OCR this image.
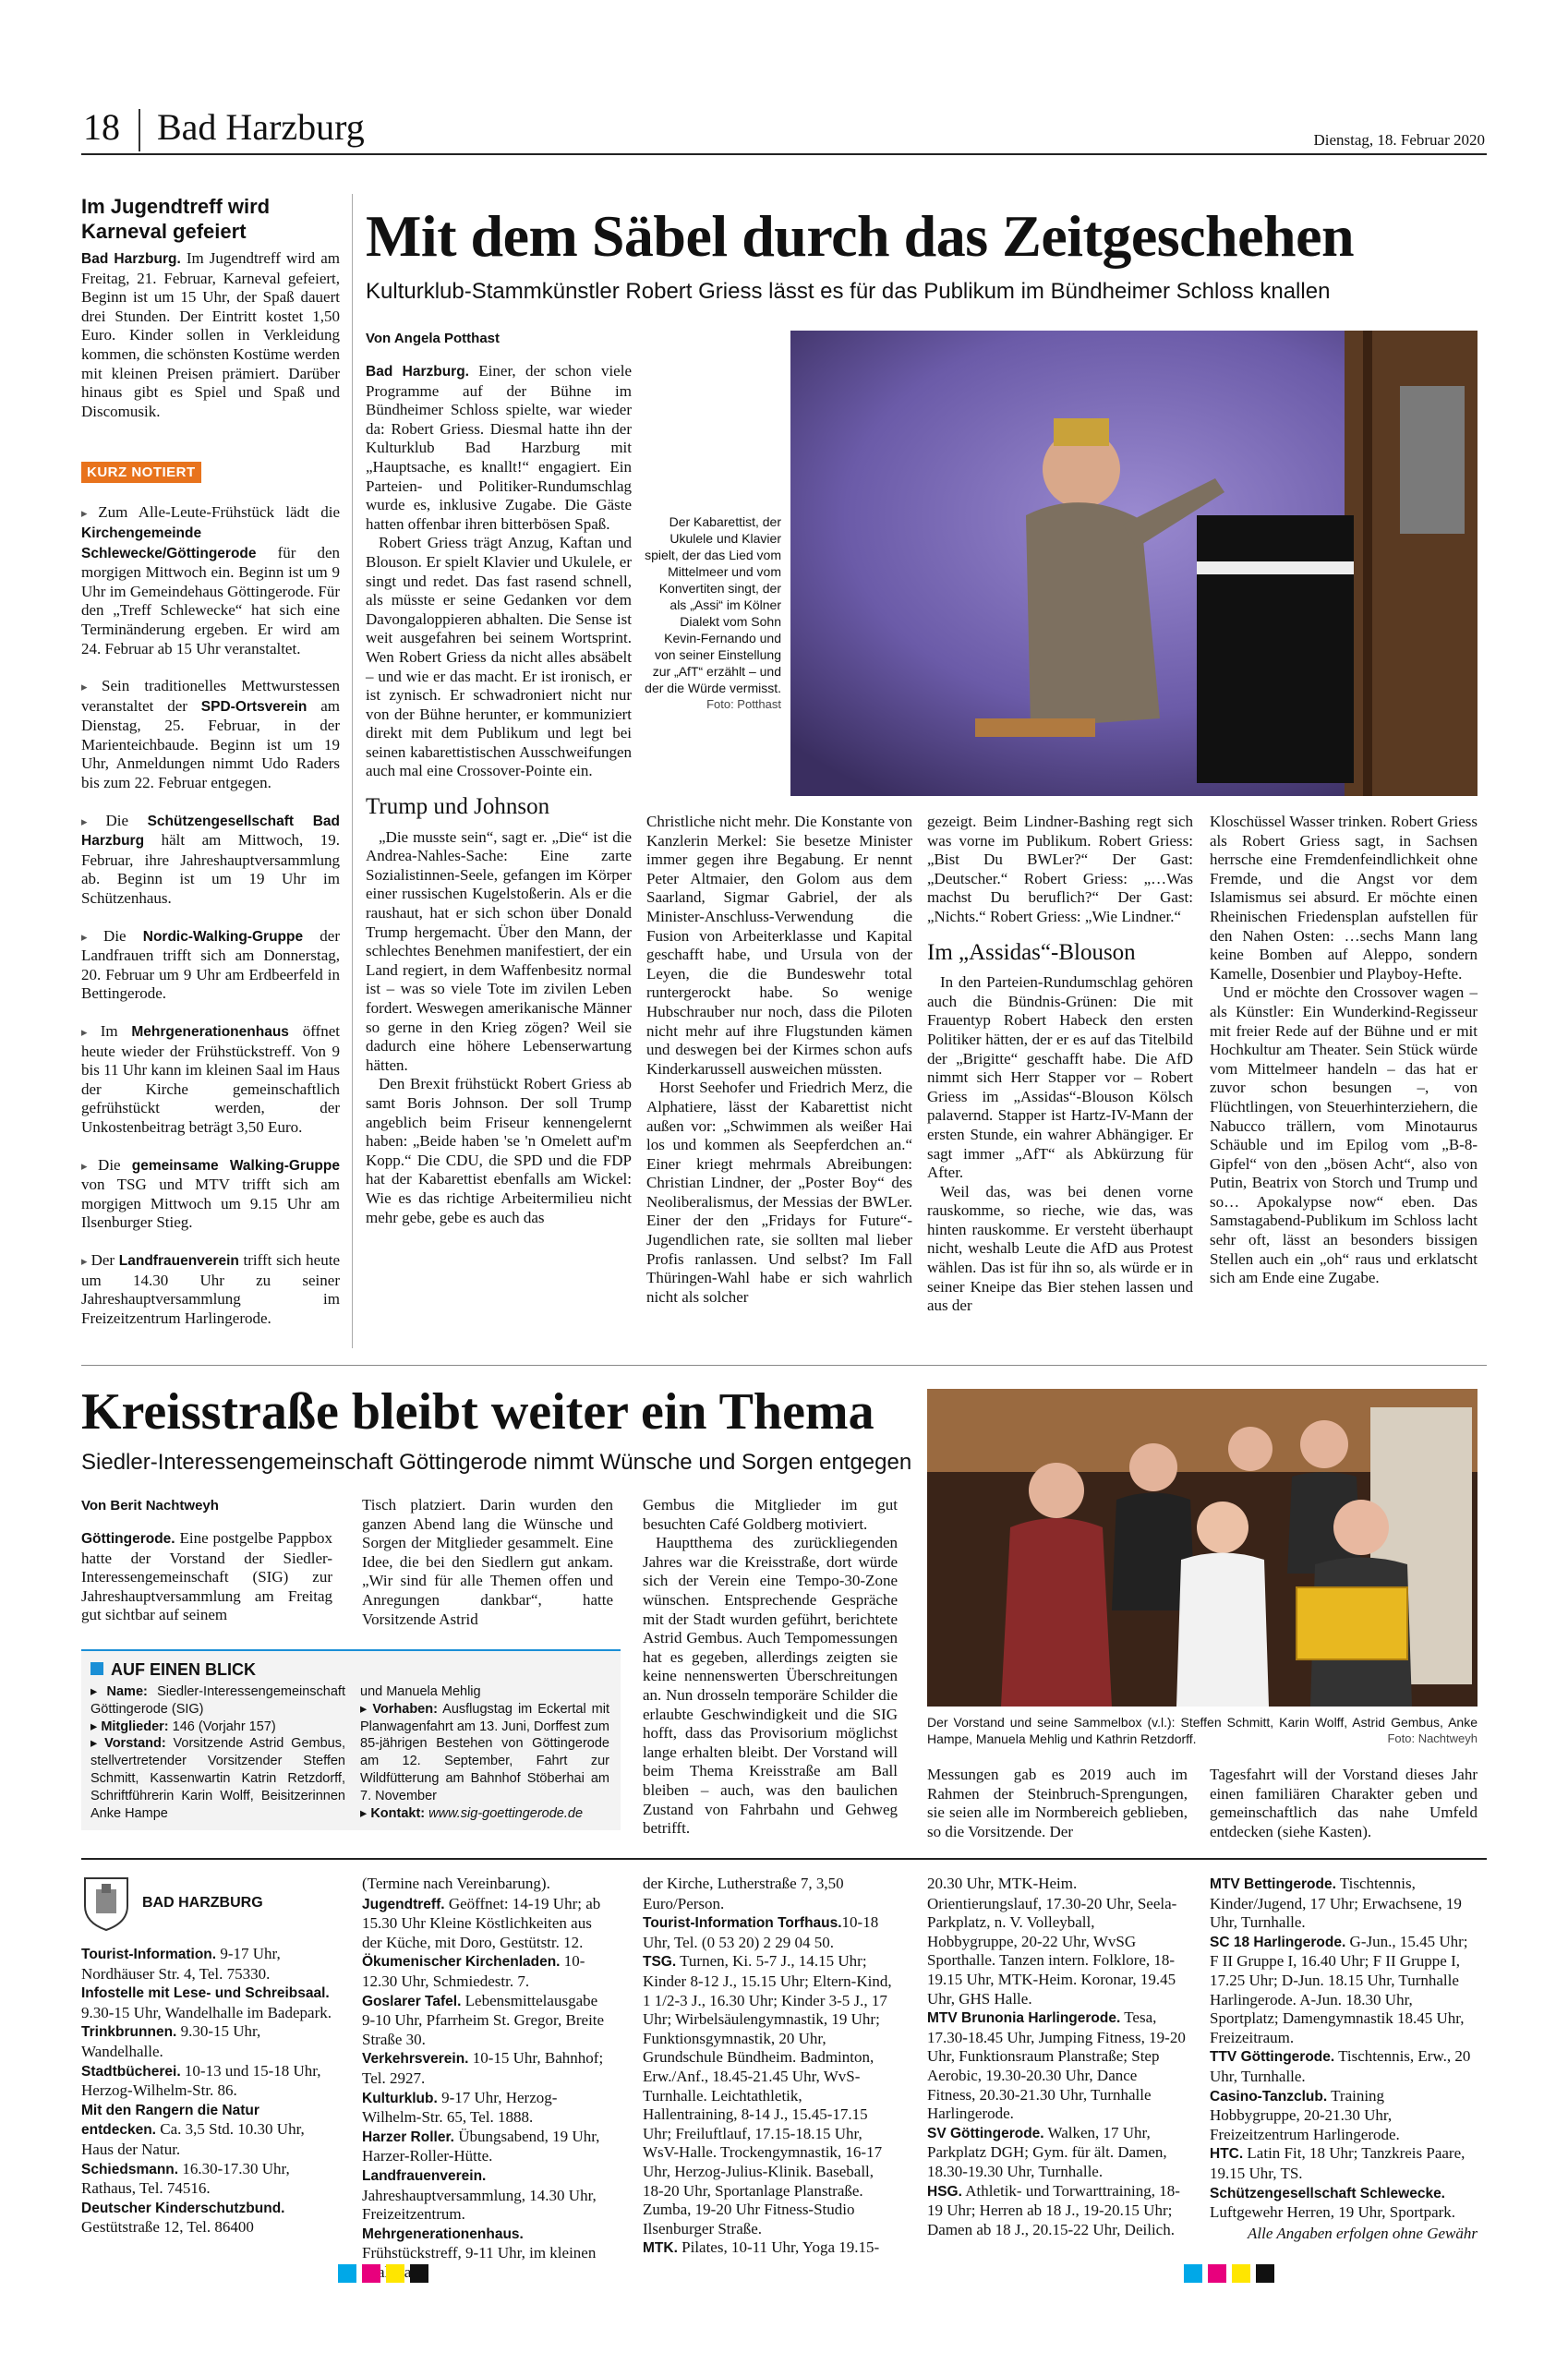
18 Bad Harzburg	Dienstag, 18. Februar 2020
Im Jugendtreff wird Karneval gefeiert

Bad Harzburg. Im Jugendtreff wird am Freitag, 21. Februar, Karneval gefeiert, Beginn ist um 15 Uhr, der Spaß dauert drei Stunden. Der Eintritt kostet 1,50 Euro. Kinder sollen in Verkleidung kommen, die schönsten Kostüme werden mit kleinen Preisen prämiert. Darüber hinaus gibt es Spiel und Spaß und Discomusik.

KURZ NOTIERT
▸ Zum Alle-Leute-Frühstück lädt die Kirchengemeinde Schlewecke/Göttingerode für den morgigen Mittwoch ein. Beginn ist um 9 Uhr im Gemeindehaus Göttingerode. Für den „Treff Schlewecke“ hat sich eine Terminänderung ergeben. Er wird am 24. Februar ab 15 Uhr veranstaltet.
▸ Sein traditionelles Mettwurstessen veranstaltet der SPD-Ortsverein am Dienstag, 25. Februar, in der Marienteichbaude. Beginn ist um 19 Uhr, Anmeldungen nimmt Udo Raders bis zum 22. Februar entgegen.
▸ Die Schützengesellschaft Bad Harzburg hält am Mittwoch, 19. Februar, ihre Jahreshauptversammlung ab. Beginn ist um 19 Uhr im Schützenhaus.
▸ Die Nordic-Walking-Gruppe der Landfrauen trifft sich am Donnerstag, 20. Februar um 9 Uhr am Erdbeerfeld in Bettingerode.
▸ Im Mehrgenerationenhaus öffnet heute wieder der Frühstückstreff. Von 9 bis 11 Uhr kann im kleinen Saal im Haus der Kirche gemeinschaftlich gefrühstückt werden, der Unkostenbeitrag beträgt 3,50 Euro.
▸ Die gemeinsame Walking-Gruppe von TSG und MTV trifft sich am morgigen Mittwoch um 9.15 Uhr am Ilsenburger Stieg.
▸ Der Landfrauenverein trifft sich heute um 14.30 Uhr zu seiner Jahreshauptversammlung im Freizeitzentrum Harlingerode.
Mit dem Säbel durch das Zeitgeschehen
Kulturklub-Stammkünstler Robert Griess lässt es für das Publikum im Bündheimer Schloss knallen
Von Angela Potthast
Der Kabarettist, der Ukulele und Klavier spielt, der das Lied vom Mittelmeer und vom Konvertiten singt, der als „Assi“ im Kölner Dialekt vom Sohn Kevin-Fernando und von seiner Einstellung zur „AfT“ erzählt – und der die Würde vermisst.
Foto: Potthast

Bad Harzburg. Einer, der schon viele Programme auf der Bühne im Bündheimer Schloss spielte, war wieder da: Robert Griess. Diesmal hatte ihn der Kulturklub Bad Harzburg mit „Hauptsache, es knallt!“ engagiert. Ein Parteien- und Politiker-Rundumschlag wurde es, inklusive Zugabe. Die Gäste hatten offenbar ihren bitterbösen Spaß.

Robert Griess trägt Anzug, Kaftan und Blouson. Er spielt Klavier und Ukulele, er singt und redet. Das fast rasend schnell, als müsste er seine Gedanken vor dem Davongaloppieren abhalten. Die Sense ist weit ausgefahren bei seinem Wortsprint. Wen Robert Griess da nicht alles absäbelt – und wie er das macht. Er ist ironisch, er ist zynisch. Er schwadroniert nicht nur von der Bühne herunter, er kommuniziert direkt mit dem Publikum und legt bei seinen kabarettistischen Ausschweifungen auch mal eine Crossover-Pointe ein.

Trump und Johnson

„Die musste sein“, sagt er. „Die“ ist die Andrea-Nahles-Sache: Eine zarte Sozialistinnen-Seele, gefangen im Körper einer russischen Kugelstoßerin. Als er die raushaut, hat er sich schon über Donald Trump hergemacht. Über den Mann, der schlechtes Benehmen manifestiert, der ein Land regiert, in dem Waffenbesitz normal ist – was so viele Tote im zivilen Leben fordert. Weswegen amerikanische Männer so gerne in den Krieg zögen? Weil sie dadurch eine höhere Lebenserwartung hätten.

Den Brexit frühstückt Robert Griess ab samt Boris Johnson. Der soll Trump angeblich beim Friseur kennengelernt haben: „Beide haben 'se 'n Omelett auf'm Kopp.“ Die CDU, die SPD und die FDP hat der Kabarettist ebenfalls am Wickel: Wie es das richtige Arbeitermilieu nicht mehr gebe, gebe es auch das

Christliche nicht mehr. Die Konstante von Kanzlerin Merkel: Sie besetze Minister immer gegen ihre Begabung. Er nennt Peter Altmaier, den Golom aus dem Saarland, Sigmar Gabriel, der als Minister-Anschluss-Verwendung die Fusion von Arbeiterklasse und Kapital geschafft habe, und Ursula von der Leyen, die die Bundeswehr total runtergerockt habe. So wenige Hubschrauber nur noch, dass die Piloten nicht mehr auf ihre Flugstunden kämen und deswegen bei der Kirmes schon aufs Kinderkarussell ausweichen müssten.

Horst Seehofer und Friedrich Merz, die Alphatiere, lässt der Kabarettist nicht außen vor: „Schwimmen als weißer Hai los und kommen als Seepferdchen an.“ Einer kriegt mehrmals Abreibungen: Christian Lindner, der „Poster Boy“ des Neoliberalismus, der Messias der BWLer. Einer der den „Fridays for Future“-Jugendlichen rate, sie sollten mal lieber Profis ranlassen. Und selbst? Im Fall Thüringen-Wahl habe er sich wahrlich nicht als solcher

gezeigt. Beim Lindner-Bashing regt sich was vorne im Publikum. Robert Griess: „Bist Du BWLer?“ Der Gast: „Deutscher.“ Robert Griess: „…Was machst Du beruflich?“ Der Gast: „Nichts.“ Robert Griess: „Wie Lindner.“

Im „Assidas“-Blouson

In den Parteien-Rundumschlag gehören auch die Bündnis-Grünen: Die mit Frauentyp Robert Habeck den ersten Politiker hätten, der er es auf das Titelbild der „Brigitte“ geschafft habe. Die AfD nimmt sich Herr Stapper vor – Robert Griess im „Assidas“-Blouson Kölsch palavernd. Stapper ist Hartz-IV-Mann der ersten Stunde, ein wahrer Abhängiger. Er sagt immer „AfT“ als Abkürzung für After.

Weil das, was bei denen vorne rauskomme, so rieche, wie das, was hinten rauskomme. Er versteht überhaupt nicht, weshalb Leute die AfD aus Protest wählen. Das ist für ihn so, als würde er in seiner Kneipe das Bier stehen lassen und aus der

Kloschüssel Wasser trinken. Robert Griess als Robert Griess sagt, in Sachsen herrsche eine Fremdenfeindlichkeit ohne Fremde, und die Angst vor dem Islamismus sei absurd. Er möchte einen Rheinischen Friedensplan aufstellen für den Nahen Osten: …sechs Mann lang keine Bomben auf Aleppo, sondern Kamelle, Dosenbier und Playboy-Hefte.

Und er möchte den Crossover wagen – als Künstler: Ein Wunderkind-Regisseur mit freier Rede auf der Bühne und er mit Hochkultur am Theater. Sein Stück würde vom Mittelmeer handeln – das hat er zuvor schon besungen –, von Flüchtlingen, von Steuerhinterziehern, die Nabucco trällern, vom Minotaurus Schäuble und im Epilog vom „B-8-Gipfel“ von den „bösen Acht“, also von Putin, Beatrix von Storch und Trump und so… Apokalypse now“ eben. Das Samstagabend-Publikum im Schloss lacht sehr oft, lässt an besonders bissigen Stellen auch ein „oh“ raus und erklatscht sich am Ende eine Zugabe.

Kreisstraße bleibt weiter ein Thema
Siedler-Interessengemeinschaft Göttingerode nimmt Wünsche und Sorgen entgegen
Von Berit Nachtweyh

Göttingerode. Eine postgelbe Pappbox hatte der Vorstand der Siedler-Interessengemeinschaft (SIG) zur Jahreshauptversammlung am Freitag gut sichtbar auf seinem

Tisch platziert. Darin wurden den ganzen Abend lang die Wünsche und Sorgen der Mitglieder gesammelt. Eine Idee, die bei den Siedlern gut ankam. „Wir sind für alle Themen offen und Anregungen dankbar“, hatte Vorsitzende Astrid

Gembus die Mitglieder im gut besuchten Café Goldberg motiviert.

Hauptthema des zurückliegenden Jahres war die Kreisstraße, dort würde sich der Verein eine Tempo-30-Zone wünschen. Entsprechende Gespräche mit der Stadt wurden geführt, berichtete Astrid Gembus. Auch Tempomessungen hat es gegeben, allerdings zeigten sie keine nennenswerten Überschreitungen an. Nun drosseln temporäre Schilder die erlaubte Geschwindigkeit und die SIG hofft, dass das Provisorium möglichst lange erhalten bleibt. Der Vorstand will beim Thema Kreisstraße am Ball bleiben – auch, was den baulichen Zustand von Fahrbahn und Gehweg betrifft.

AUF EINEN BLICK
▸ Name: Siedler-Interessengemeinschaft Göttingerode (SIG)
▸ Mitglieder: 146 (Vorjahr 157)
▸ Vorstand: Vorsitzende Astrid Gembus, stellvertretender Vorsitzender Steffen Schmitt, Kassenwartin Katrin Retzdorff, Schriftführerin Karin Wolff, Beisitzerinnen Anke Hampe
und Manuela Mehlig
▸ Vorhaben: Ausflugstag im Eckertal mit Planwagenfahrt am 13. Juni, Dorffest zum 85-jährigen Bestehen von Göttingerode am 12. September, Fahrt zur Wildfütterung am Bahnhof Stöberhai am 7. November
▸ Kontakt: www.sig-goettingerode.de
Der Vorstand und seine Sammelbox (v.l.): Steffen Schmitt, Karin Wolff, Astrid Gembus, Anke Hampe, Manuela Mehlig und Kathrin Retzdorff.	Foto: Nachtweyh

Messungen gab es 2019 auch im Rahmen der Steinbruch-Sprengungen, sie seien alle im Normbereich geblieben, so die Vorsitzende. Der

Tagesfahrt will der Vorstand dieses Jahr einen familiären Charakter geben und gemeinschaftlich das nahe Umfeld entdecken (siehe Kasten).

BAD HARZBURG
Tourist-Information. 9-17 Uhr, Nordhäuser Str. 4, Tel. 75330.
Infostelle mit Lese- und Schreibsaal. 9.30-15 Uhr, Wandelhalle im Badepark.
Trinkbrunnen. 9.30-15 Uhr, Wandelhalle.
Stadtbücherei. 10-13 und 15-18 Uhr, Herzog-Wilhelm-Str. 86.
Mit den Rangern die Natur entdecken. Ca. 3,5 Std. 10.30 Uhr, Haus der Natur.
Schiedsmann. 16.30-17.30 Uhr, Rathaus, Tel. 74516.
Deutscher Kinderschutzbund. Gestütstraße 12, Tel. 86400
(Termine nach Vereinbarung).
Jugendtreff. Geöffnet: 14-19 Uhr; ab 15.30 Uhr Kleine Köstlichkeiten aus der Küche, mit Doro, Gestütstr. 12.
Ökumenischer Kirchenladen. 10-12.30 Uhr, Schmiedestr. 7.
Goslarer Tafel. Lebensmittelausgabe 9-10 Uhr, Pfarrheim St. Gregor, Breite Straße 30.
Verkehrsverein. 10-15 Uhr, Bahnhof; Tel. 2927.
Kulturklub. 9-17 Uhr, Herzog-Wilhelm-Str. 65, Tel. 1888.
Harzer Roller. Übungsabend, 19 Uhr, Harzer-Roller-Hütte.
Landfrauenverein. Jahreshauptversammlung, 14.30 Uhr, Freizeitzentrum.
Mehrgenerationenhaus. Frühstückstreff, 9-11 Uhr, im kleinen Haus
der Kirche, Lutherstraße 7, 3,50 Euro/Person.
Tourist-Information Torfhaus.10-18 Uhr, Tel. (0 53 20) 2 29 04 50.
TSG. Turnen, Ki. 5-7 J., 14.15 Uhr; Kinder 8-12 J., 15.15 Uhr; Eltern-Kind, 1 1/2-3 J., 16.30 Uhr; Kinder 3-5 J., 17 Uhr; Wirbelsäulengymnastik, 19 Uhr; Funktionsgymnastik, 20 Uhr, Grundschule Bündheim. Badminton, Erw./Anf., 18.45-21.45 Uhr, WvS-Turnhalle. Leichtathletik, Hallentraining, 8-14 J., 15.45-17.15 Uhr; Freiluftlauf, 17.15-18.15 Uhr, WsV-Halle. Trockengymnastik, 16-17 Uhr, Herzog-Julius-Klinik. Baseball, 18-20 Uhr, Sportanlage Planstraße. Zumba, 19-20 Uhr Fitness-Studio Ilsenburger Straße.
MTK. Pilates, 10-11 Uhr, Yoga 19.15-
20.30 Uhr, MTK-Heim. Orientierungslauf, 17.30-20 Uhr, Seela-Parkplatz, n. V. Volleyball, Hobbygruppe, 20-22 Uhr, WvSG Sporthalle. Tanzen intern. Folklore, 18-19.15 Uhr, MTK-Heim. Koronar, 19.45 Uhr, GHS Halle.
MTV Brunonia Harlingerode. Tesa, 17.30-18.45 Uhr, Jumping Fitness, 19-20 Uhr, Funktionsraum Planstraße; Step Aerobic, 19.30-20.30 Uhr, Dance Fitness, 20.30-21.30 Uhr, Turnhalle Harlingerode.
SV Göttingerode. Walken, 17 Uhr, Parkplatz DGH; Gym. für ält. Damen, 18.30-19.30 Uhr, Turnhalle.
HSG. Athletik- und Torwarttraining, 18-19 Uhr; Herren ab 18 J., 19-20.15 Uhr; Damen ab 18 J., 20.15-22 Uhr, Deilich.
MTV Bettingerode. Tischtennis, Kinder/Jugend, 17 Uhr; Erwachsene, 19 Uhr, Turnhalle.
SC 18 Harlingerode. G-Jun., 15.45 Uhr; F II Gruppe I, 16.40 Uhr; F II Gruppe I, 17.25 Uhr; D-Jun. 18.15 Uhr, Turnhalle Harlingerode. A-Jun. 18.30 Uhr, Sportplatz; Damengymnastik 18.45 Uhr, Freizeitraum.
TTV Göttingerode. Tischtennis, Erw., 20 Uhr, Turnhalle.
Casino-Tanzclub. Training Hobbygruppe, 20-21.30 Uhr, Freizeitzentrum Harlingerode.
HTC. Latin Fit, 18 Uhr; Tanzkreis Paare, 19.15 Uhr, TS.
Schützengesellschaft Schlewecke. Luftgewehr Herren, 19 Uhr, Sportpark.
Alle Angaben erfolgen ohne Gewähr
